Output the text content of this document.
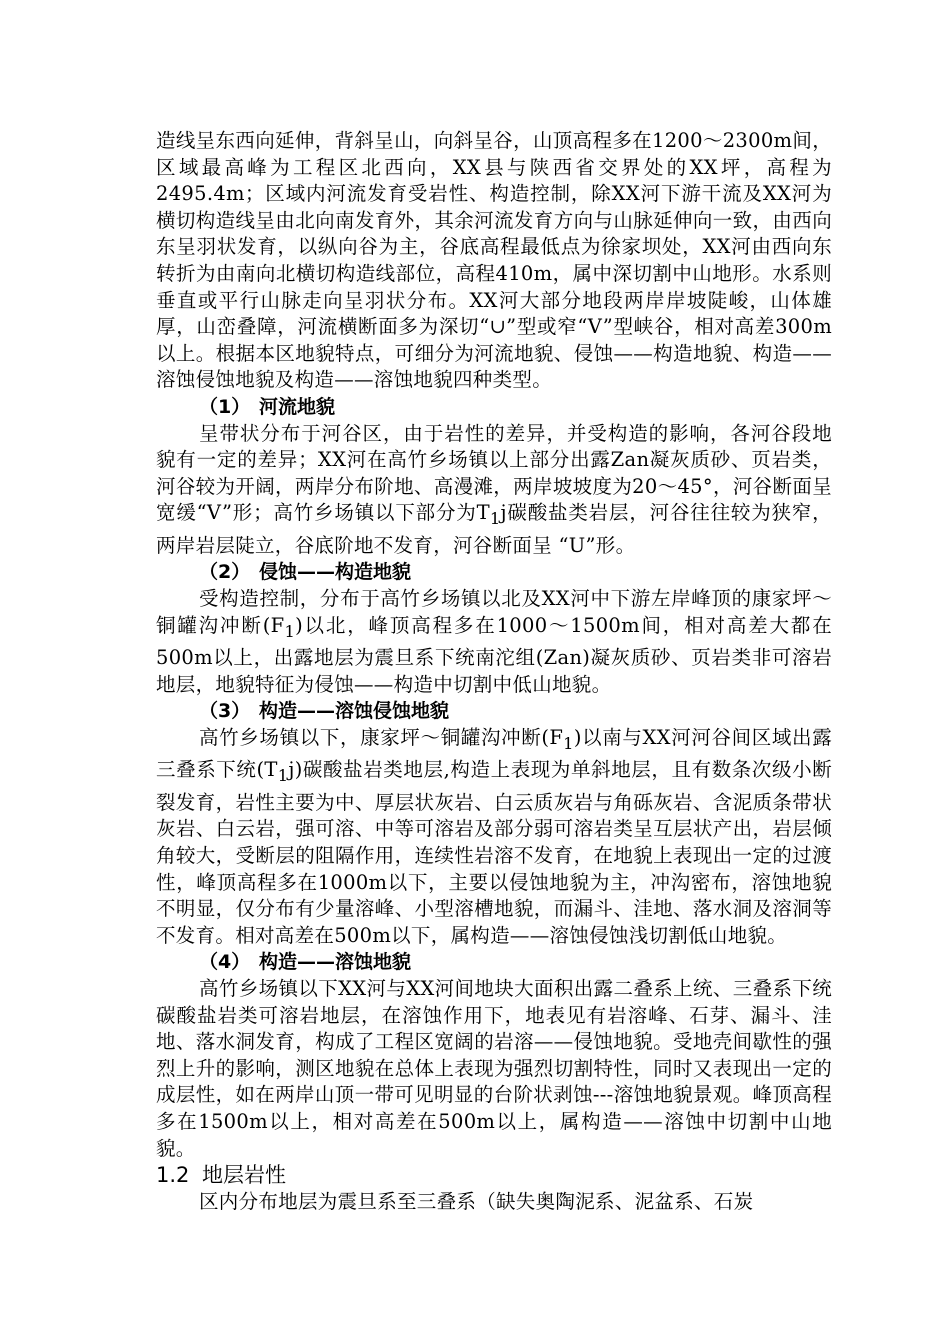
造线呈东西向延伸，背斜呈山，向斜呈谷，山顶高程多在1200～2300m间，区域最高峰为工程区北西向，XX县与陕西省交界处的XX坪，高程为2495.4m；区域内河流发育受岩性、构造控制，除XX河下游干流及XX河为横切构造线呈由北向南发育外，其余河流发育方向与山脉延伸向一致，由西向东呈羽状发育，以纵向谷为主，谷底高程最低点为徐家坝处，XX河由西向东转折为由南向北横切构造线部位，高程410m，属中深切割中山地形。水系则垂直或平行山脉走向呈羽状分布。XX河大部分地段两岸岸坡陡峻，山体雄厚，山峦叠障，河流横断面多为深切“∪”型或窄“V”型峡谷，相对高差300m以上。根据本区地貌特点，可细分为河流地貌、侵蚀——构造地貌、构造——溶蚀侵蚀地貌及构造——溶蚀地貌四种类型。

（1） 河流地貌

呈带状分布于河谷区，由于岩性的差异，并受构造的影响，各河谷段地貌有一定的差异；XX河在高竹乡场镇以上部分出露Zan凝灰质砂、页岩类，河谷较为开阔，两岸分布阶地、高漫滩，两岸坡坡度为20～45°，河谷断面呈宽缓“V”形；高竹乡场镇以下部分为$T_1j$碳酸盐类岩层，河谷往往较为狭窄，两岸岩层陡立，谷底阶地不发育，河谷断面呈 “U”形。

（2） 侵蚀——构造地貌

受构造控制，分布于高竹乡场镇以北及XX河中下游左岸峰顶的康家坪～铜罐沟冲断$(F_1)$以北，峰顶高程多在1000～1500m间，相对高差大都在500m以上，出露地层为震旦系下统南沱组(Zan)凝灰质砂、页岩类非可溶岩地层，地貌特征为侵蚀——构造中切割中低山地貌。

（3） 构造——溶蚀侵蚀地貌

高竹乡场镇以下，康家坪～铜罐沟冲断$(F_1)$以南与XX河河谷间区域出露三叠系下统$(T_1j)$碳酸盐岩类地层,构造上表现为单斜地层，且有数条次级小断裂发育，岩性主要为中、厚层状灰岩、白云质灰岩与角砾灰岩、含泥质条带状灰岩、白云岩，强可溶、中等可溶岩及部分弱可溶岩类呈互层状产出，岩层倾角较大，受断层的阻隔作用，连续性岩溶不发育，在地貌上表现出一定的过渡性，峰顶高程多在1000m以下，主要以侵蚀地貌为主，冲沟密布，溶蚀地貌不明显，仅分布有少量溶峰、小型溶槽地貌，而漏斗、洼地、落水洞及溶洞等不发育。相对高差在500m以下，属构造——溶蚀侵蚀浅切割低山地貌。

（4） 构造——溶蚀地貌

高竹乡场镇以下XX河与XX河间地块大面积出露二叠系上统、三叠系下统碳酸盐岩类可溶岩地层，在溶蚀作用下，地表见有岩溶峰、石芽、漏斗、洼地、落水洞发育，构成了工程区宽阔的岩溶——侵蚀地貌。受地壳间歇性的强烈上升的影响，测区地貌在总体上表现为强烈切割特性，同时又表现出一定的成层性，如在两岸山顶一带可见明显的台阶状剥蚀---溶蚀地貌景观。峰顶高程多在1500m以上，相对高差在500m以上，属构造——溶蚀中切割中山地貌。

1.2 地层岩性

区内分布地层为震旦系至三叠系（缺失奥陶泥系、泥盆系、石炭
